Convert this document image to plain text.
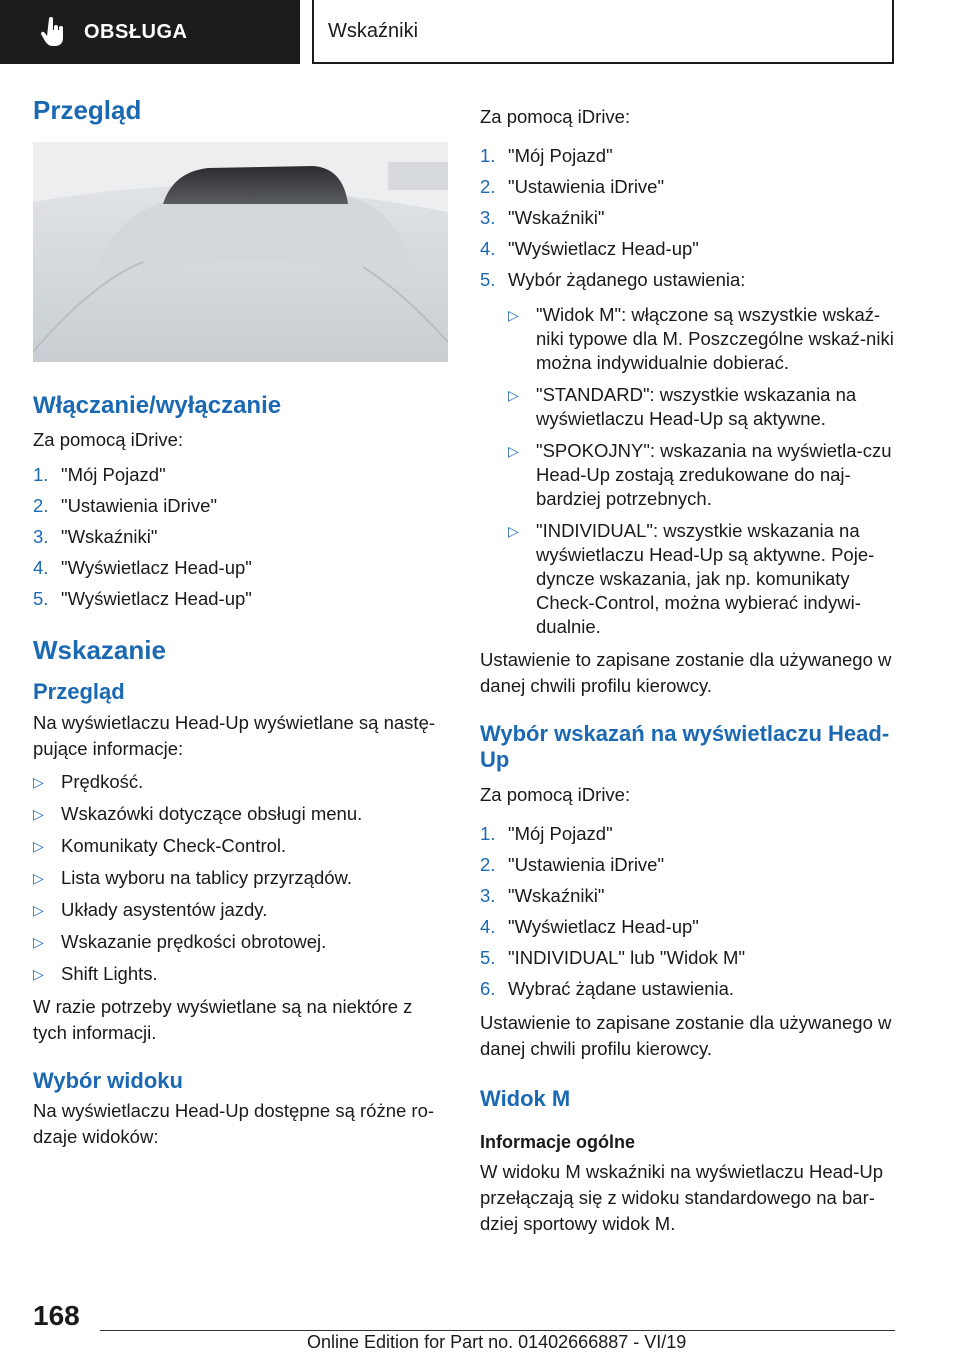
OBSŁUGA	Wskaźniki
Przegląd
Włączanie/wyłączanie

Za pomocą iDrive:

1. "Mój Pojazd"
2. "Ustawienia iDrive"
3. "Wskaźniki"
4. "Wyświetlacz Head-up"
5. "Wyświetlacz Head-up"
Wskazanie
Przegląd

Na wyświetlaczu Head-Up wyświetlane są nastę-pujące informacje:

▷ Prędkość.
▷ Wskazówki dotyczące obsługi menu.
▷ Komunikaty Check-Control.
▷ Lista wyboru na tablicy przyrządów.
▷ Układy asystentów jazdy.
▷ Wskazanie prędkości obrotowej.
▷ Shift Lights.

W razie potrzeby wyświetlane są na niektóre z tych informacji.

Wybór widoku

Na wyświetlaczu Head-Up dostępne są różne ro-dzaje widoków:

Za pomocą iDrive:

1. "Mój Pojazd"
2. "Ustawienia iDrive"
3. "Wskaźniki"
4. "Wyświetlacz Head-up"
5. Wybór żądanego ustawienia:
▷ "Widok M": włączone są wszystkie wskaź-niki typowe dla M. Poszczególne wskaź-niki można indywidualnie dobierać.
▷ "STANDARD": wszystkie wskazania na wyświetlaczu Head-Up są aktywne.
▷ "SPOKOJNY": wskazania na wyświetla-czu Head-Up zostają zredukowane do naj-bardziej potrzebnych.
▷ "INDIVIDUAL": wszystkie wskazania na wyświetlaczu Head-Up są aktywne. Poje-dyncze wskazania, jak np. komunikaty Check-Control, można wybierać indywi-dualnie.

Ustawienie to zapisane zostanie dla używanego w danej chwili profilu kierowcy.

Wybór wskazań na wyświetlaczu Head-Up

Za pomocą iDrive:

1. "Mój Pojazd"
2. "Ustawienia iDrive"
3. "Wskaźniki"
4. "Wyświetlacz Head-up"
5. "INDIVIDUAL" lub "Widok M"
6. Wybrać żądane ustawienia.

Ustawienie to zapisane zostanie dla używanego w danej chwili profilu kierowcy.

Widok M
Informacje ogólne

W widoku M wskaźniki na wyświetlaczu Head-Up przełączają się z widoku standardowego na bar-dziej sportowy widok M.

168
Online Edition for Part no. 01402666887 - VI/19
